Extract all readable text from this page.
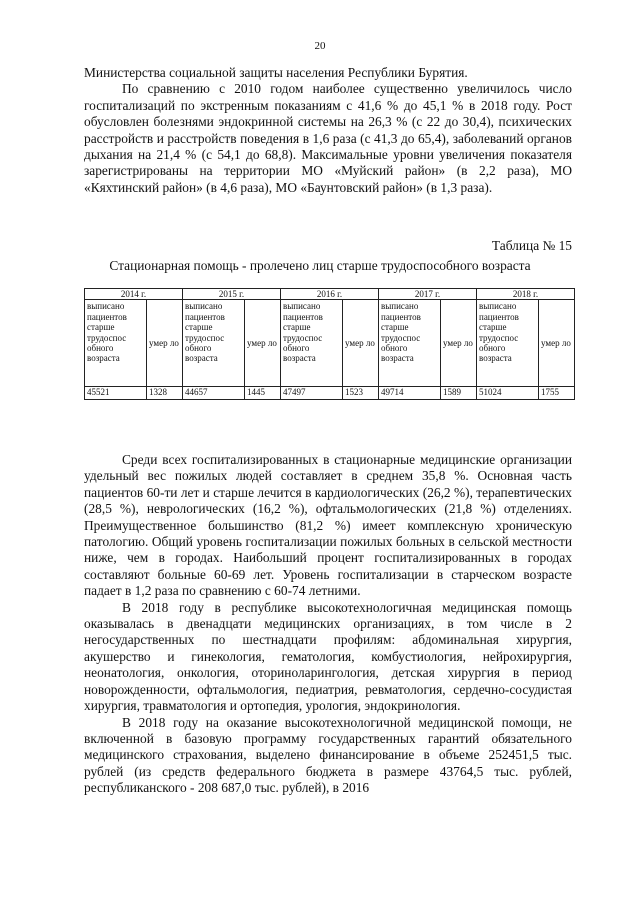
20

Министерства социальной защиты населения Республики Бурятия.

По сравнению с 2010 годом наиболее существенно увеличилось число госпитализаций по экстренным показаниям с 41,6 % до 45,1 % в 2018 году. Рост обусловлен болезнями эндокринной системы на 26,3 % (с 22 до 30,4), психических расстройств и расстройств поведения в 1,6 раза (с 41,3 до 65,4), заболеваний органов дыхания на 21,4 % (с 54,1 до 68,8). Максимальные уровни увеличения показателя зарегистрированы на территории МО «Муйский район» (в 2,2 раза), МО «Кяхтинский район» (в 4,6 раза), МО «Баунтовский район» (в 1,3 раза).

Таблица № 15
Стационарная помощь - пролечено лиц старше трудоспособного возраста
2014 г.		2015 г.		2016 г.		2017 г.		2018 г.	
выписано пациентов старше трудоспос обного возраста	умер ло	выписано пациентов старше трудоспос обного возраста	умер ло	выписано пациентов старше трудоспос обного возраста	умер ло	выписано пациентов старше трудоспос обного возраста	умер ло	выписано пациентов старше трудоспос обного возраста	умер ло
45521	1328	44657	1445	47497	1523	49714	1589	51024	1755

Среди всех госпитализированных в стационарные медицинские организации удельный вес пожилых людей составляет в среднем 35,8 %. Основная часть пациентов 60-ти лет и старше лечится в кардиологических (26,2 %), терапевтических (28,5 %), неврологических (16,2 %), офтальмологических (21,8 %) отделениях. Преимущественное большинство (81,2 %) имеет комплексную хроническую патологию. Общий уровень госпитализации пожилых больных в сельской местности ниже, чем в городах. Наибольший процент госпитализированных в городах составляют больные 60-69 лет. Уровень госпитализации в старческом возрасте падает в 1,2 раза по сравнению с 60-74 летними.

В 2018 году в республике высокотехнологичная медицинская помощь оказывалась в двенадцати медицинских организациях, в том числе в 2 негосударственных по шестнадцати профилям: абдоминальная хирургия, акушерство и гинекология, гематология, комбустиология, нейрохирургия, неонатология, онкология, оториноларингология, детская хирургия в период новорожденности, офтальмология, педиатрия, ревматология, сердечно-сосудистая хирургия, травматология и ортопедия, урология, эндокринология.

В 2018 году на оказание высокотехнологичной медицинской помощи, не включенной в базовую программу государственных гарантий обязательного медицинского страхования, выделено финансирование в объеме 252451,5 тыс. рублей (из средств федерального бюджета в размере 43764,5 тыс. рублей, республиканского - 208 687,0 тыс. рублей), в 2016
